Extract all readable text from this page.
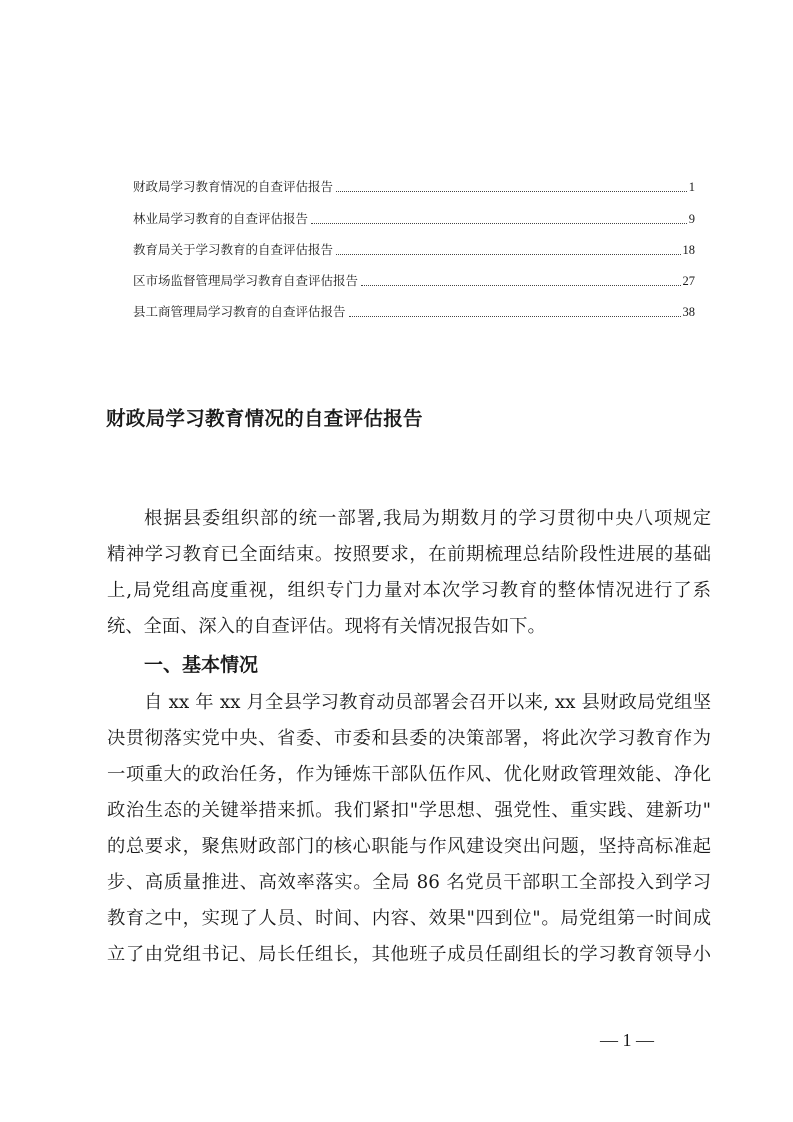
财政局学习教育情况的自查评估报告	1
林业局学习教育的自查评估报告	9
教育局关于学习教育的自查评估报告	18
区市场监督管理局学习教育自查评估报告	27
县工商管理局学习教育的自查评估报告	38
财政局学习教育情况的自查评估报告
根据县委组织部的统一部署,我局为期数月的学习贯彻中央八项规定
精神学习教育已全面结束。按照要求，在前期梳理总结阶段性进展的基础
上,局党组高度重视，组织专门力量对本次学习教育的整体情况进行了系
统、全面、深入的自查评估。现将有关情况报告如下。
一、基本情况
自 xx 年 xx 月全县学习教育动员部署会召开以来, xx 县财政局党组坚
决贯彻落实党中央、省委、市委和县委的决策部署，将此次学习教育作为
一项重大的政治任务，作为锤炼干部队伍作风、优化财政管理效能、净化
政治生态的关键举措来抓。我们紧扣"学思想、强党性、重实践、建新功"
的总要求，聚焦财政部门的核心职能与作风建设突出问题，坚持高标准起
步、高质量推进、高效率落实。全局 86 名党员干部职工全部投入到学习
教育之中，实现了人员、时间、内容、效果"四到位"。局党组第一时间成
立了由党组书记、局长任组长，其他班子成员任副组长的学习教育领导小
— 1 —
